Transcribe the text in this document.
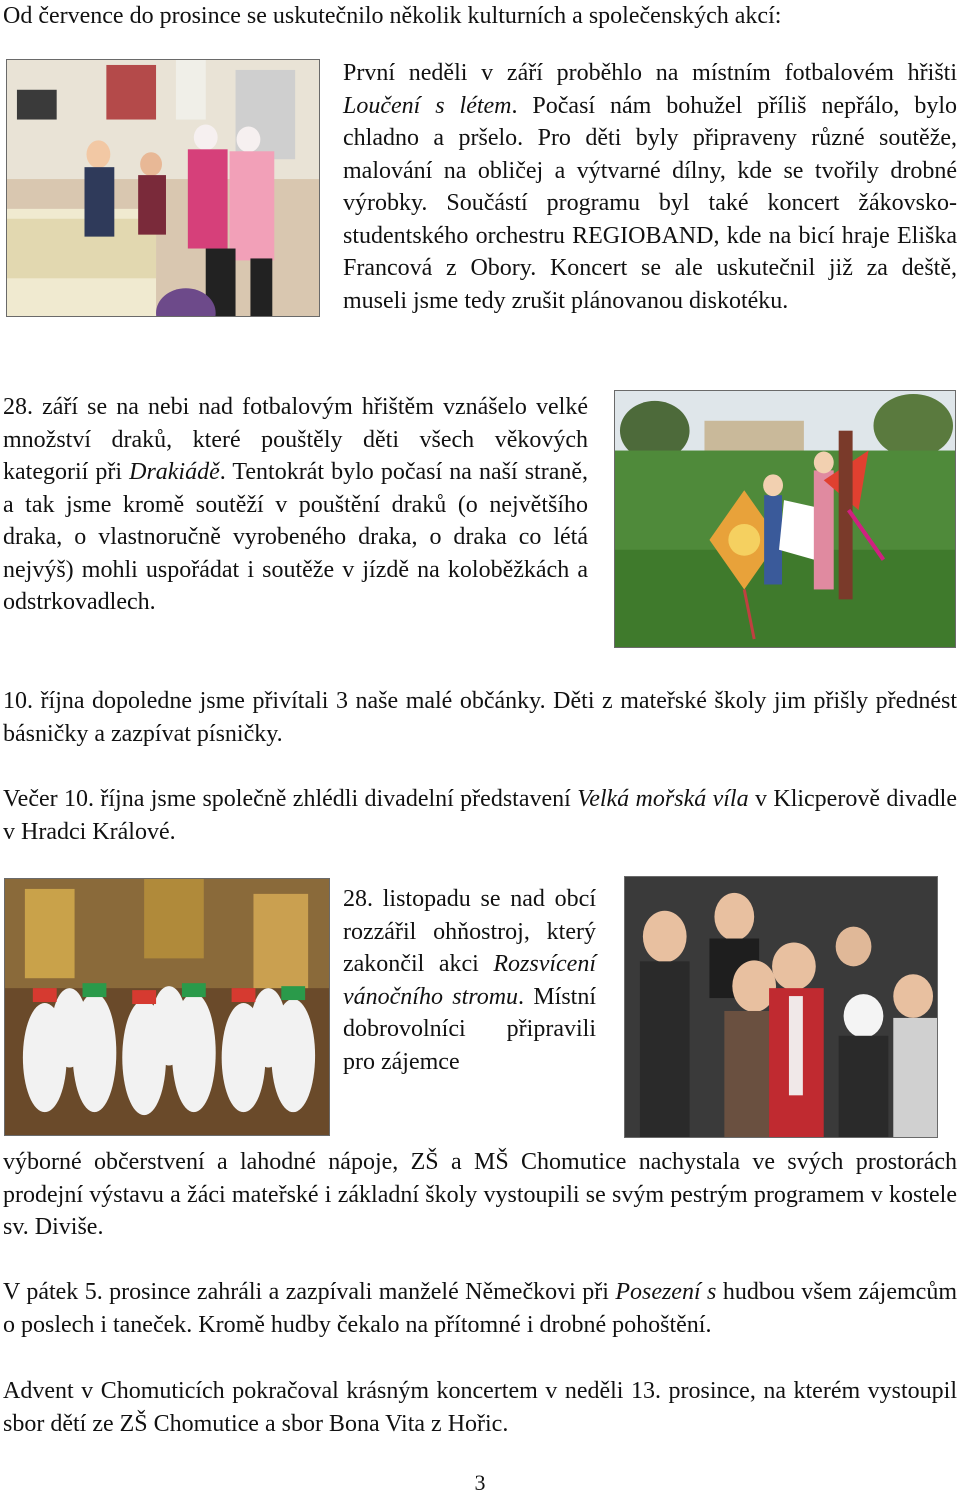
Od července do prosince se uskutečnilo několik kulturních a společenských akcí:

První neděli v září proběhlo na místním fotbalovém hřišti Loučení s létem. Počasí nám bohužel příliš nepřálo, bylo chladno a pršelo. Pro děti byly připraveny různé soutěže, malování na obličej a výtvarné dílny, kde se tvořily drobné výrobky. Součástí programu byl také koncert žákovsko-studentského orchestru REGIOBAND, kde na bicí hraje Eliška Francová z Obory. Koncert se ale uskutečnil již za deště, museli jsme tedy zrušit plánovanou diskotéku.

28. září se na nebi nad fotbalovým hřištěm vznášelo velké množství draků, které pouštěly děti všech věkových kategorií při Drakiádě. Tentokrát bylo počasí na naší straně, a tak jsme kromě soutěží v pouštění draků (o největšího draka, o vlastnoručně vyrobeného draka, o draka co létá nejvýš) mohli uspořádat i soutěže v jízdě na koloběžkách a odstrkovadlech.

10. října dopoledne jsme přivítali 3 naše malé občánky. Děti z mateřské školy jim přišly přednést básničky a zazpívat písničky.

Večer 10. října jsme společně zhlédli divadelní představení Velká mořská víla v Klicperově divadle v Hradci Králové.

28. listopadu se nad obcí rozzářil ohňostroj, který zakončil akci Rozsvícení vánočního stromu. Místní dobrovolníci připravili pro zájemce

výborné občerstvení a lahodné nápoje, ZŠ a MŠ Chomutice nachystala ve svých prostorách prodejní výstavu a žáci mateřské i základní školy vystoupili se svým pestrým programem v kostele sv. Diviše.

V pátek 5. prosince zahráli a zazpívali manželé Němečkovi při Posezení s hudbou všem zájemcům o poslech i taneček. Kromě hudby čekalo na přítomné i drobné pohoštění.

Advent v Chomuticích pokračoval krásným koncertem v neděli 13. prosince, na kterém vystoupil sbor dětí ze ZŠ Chomutice a sbor Bona Vita z Hořic.

3
